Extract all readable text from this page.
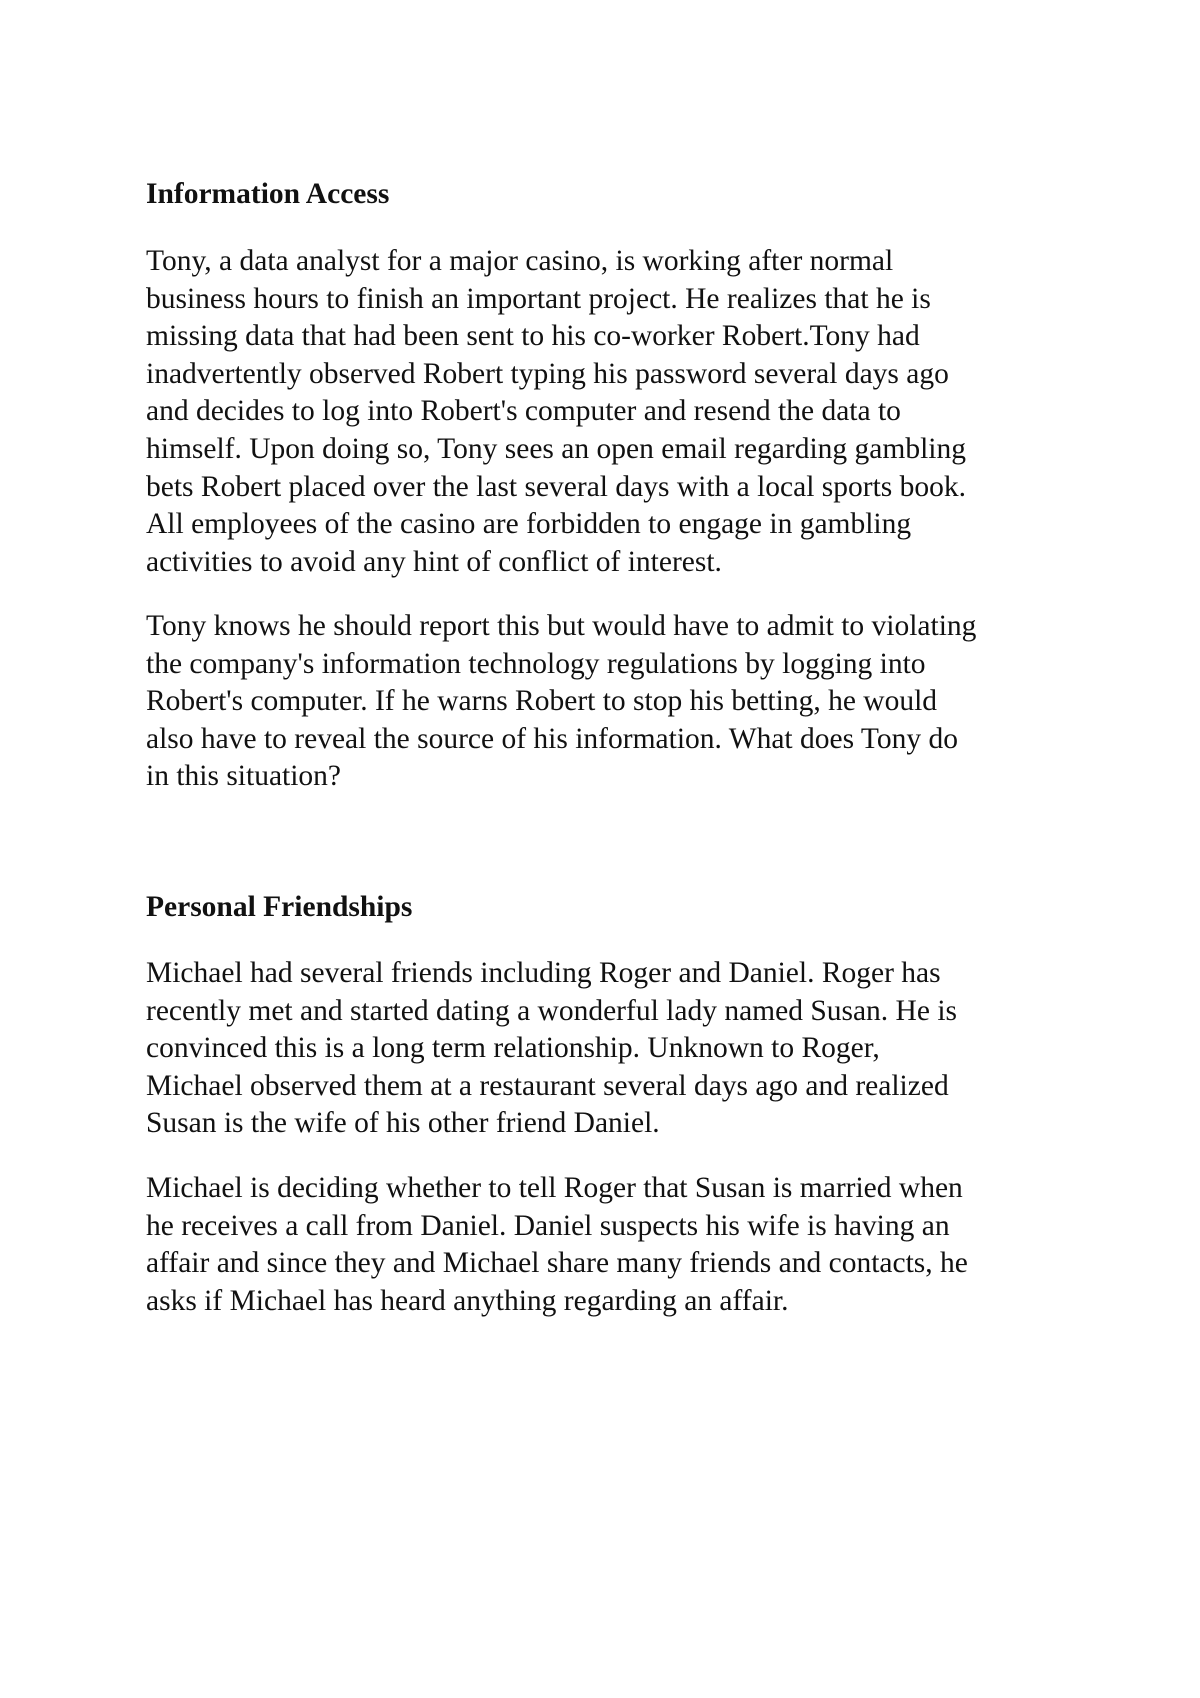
Information Access

Tony, a data analyst for a major casino, is working after normal
business hours to finish an important project. He realizes that he is
missing data that had been sent to his co-worker Robert.Tony had
inadvertently observed Robert typing his password several days ago
and decides to log into Robert's computer and resend the data to
himself. Upon doing so, Tony sees an open email regarding gambling
bets Robert placed over the last several days with a local sports book.
All employees of the casino are forbidden to engage in gambling
activities to avoid any hint of conflict of interest.

Tony knows he should report this but would have to admit to violating
the company's information technology regulations by logging into
Robert's computer. If he warns Robert to stop his betting, he would
also have to reveal the source of his information. What does Tony do
in this situation?

Personal Friendships

Michael had several friends including Roger and Daniel. Roger has
recently met and started dating a wonderful lady named Susan. He is
convinced this is a long term relationship. Unknown to Roger,
Michael observed them at a restaurant several days ago and realized
Susan is the wife of his other friend Daniel.

Michael is deciding whether to tell Roger that Susan is married when
he receives a call from Daniel. Daniel suspects his wife is having an
affair and since they and Michael share many friends and contacts, he
asks if Michael has heard anything regarding an affair.
